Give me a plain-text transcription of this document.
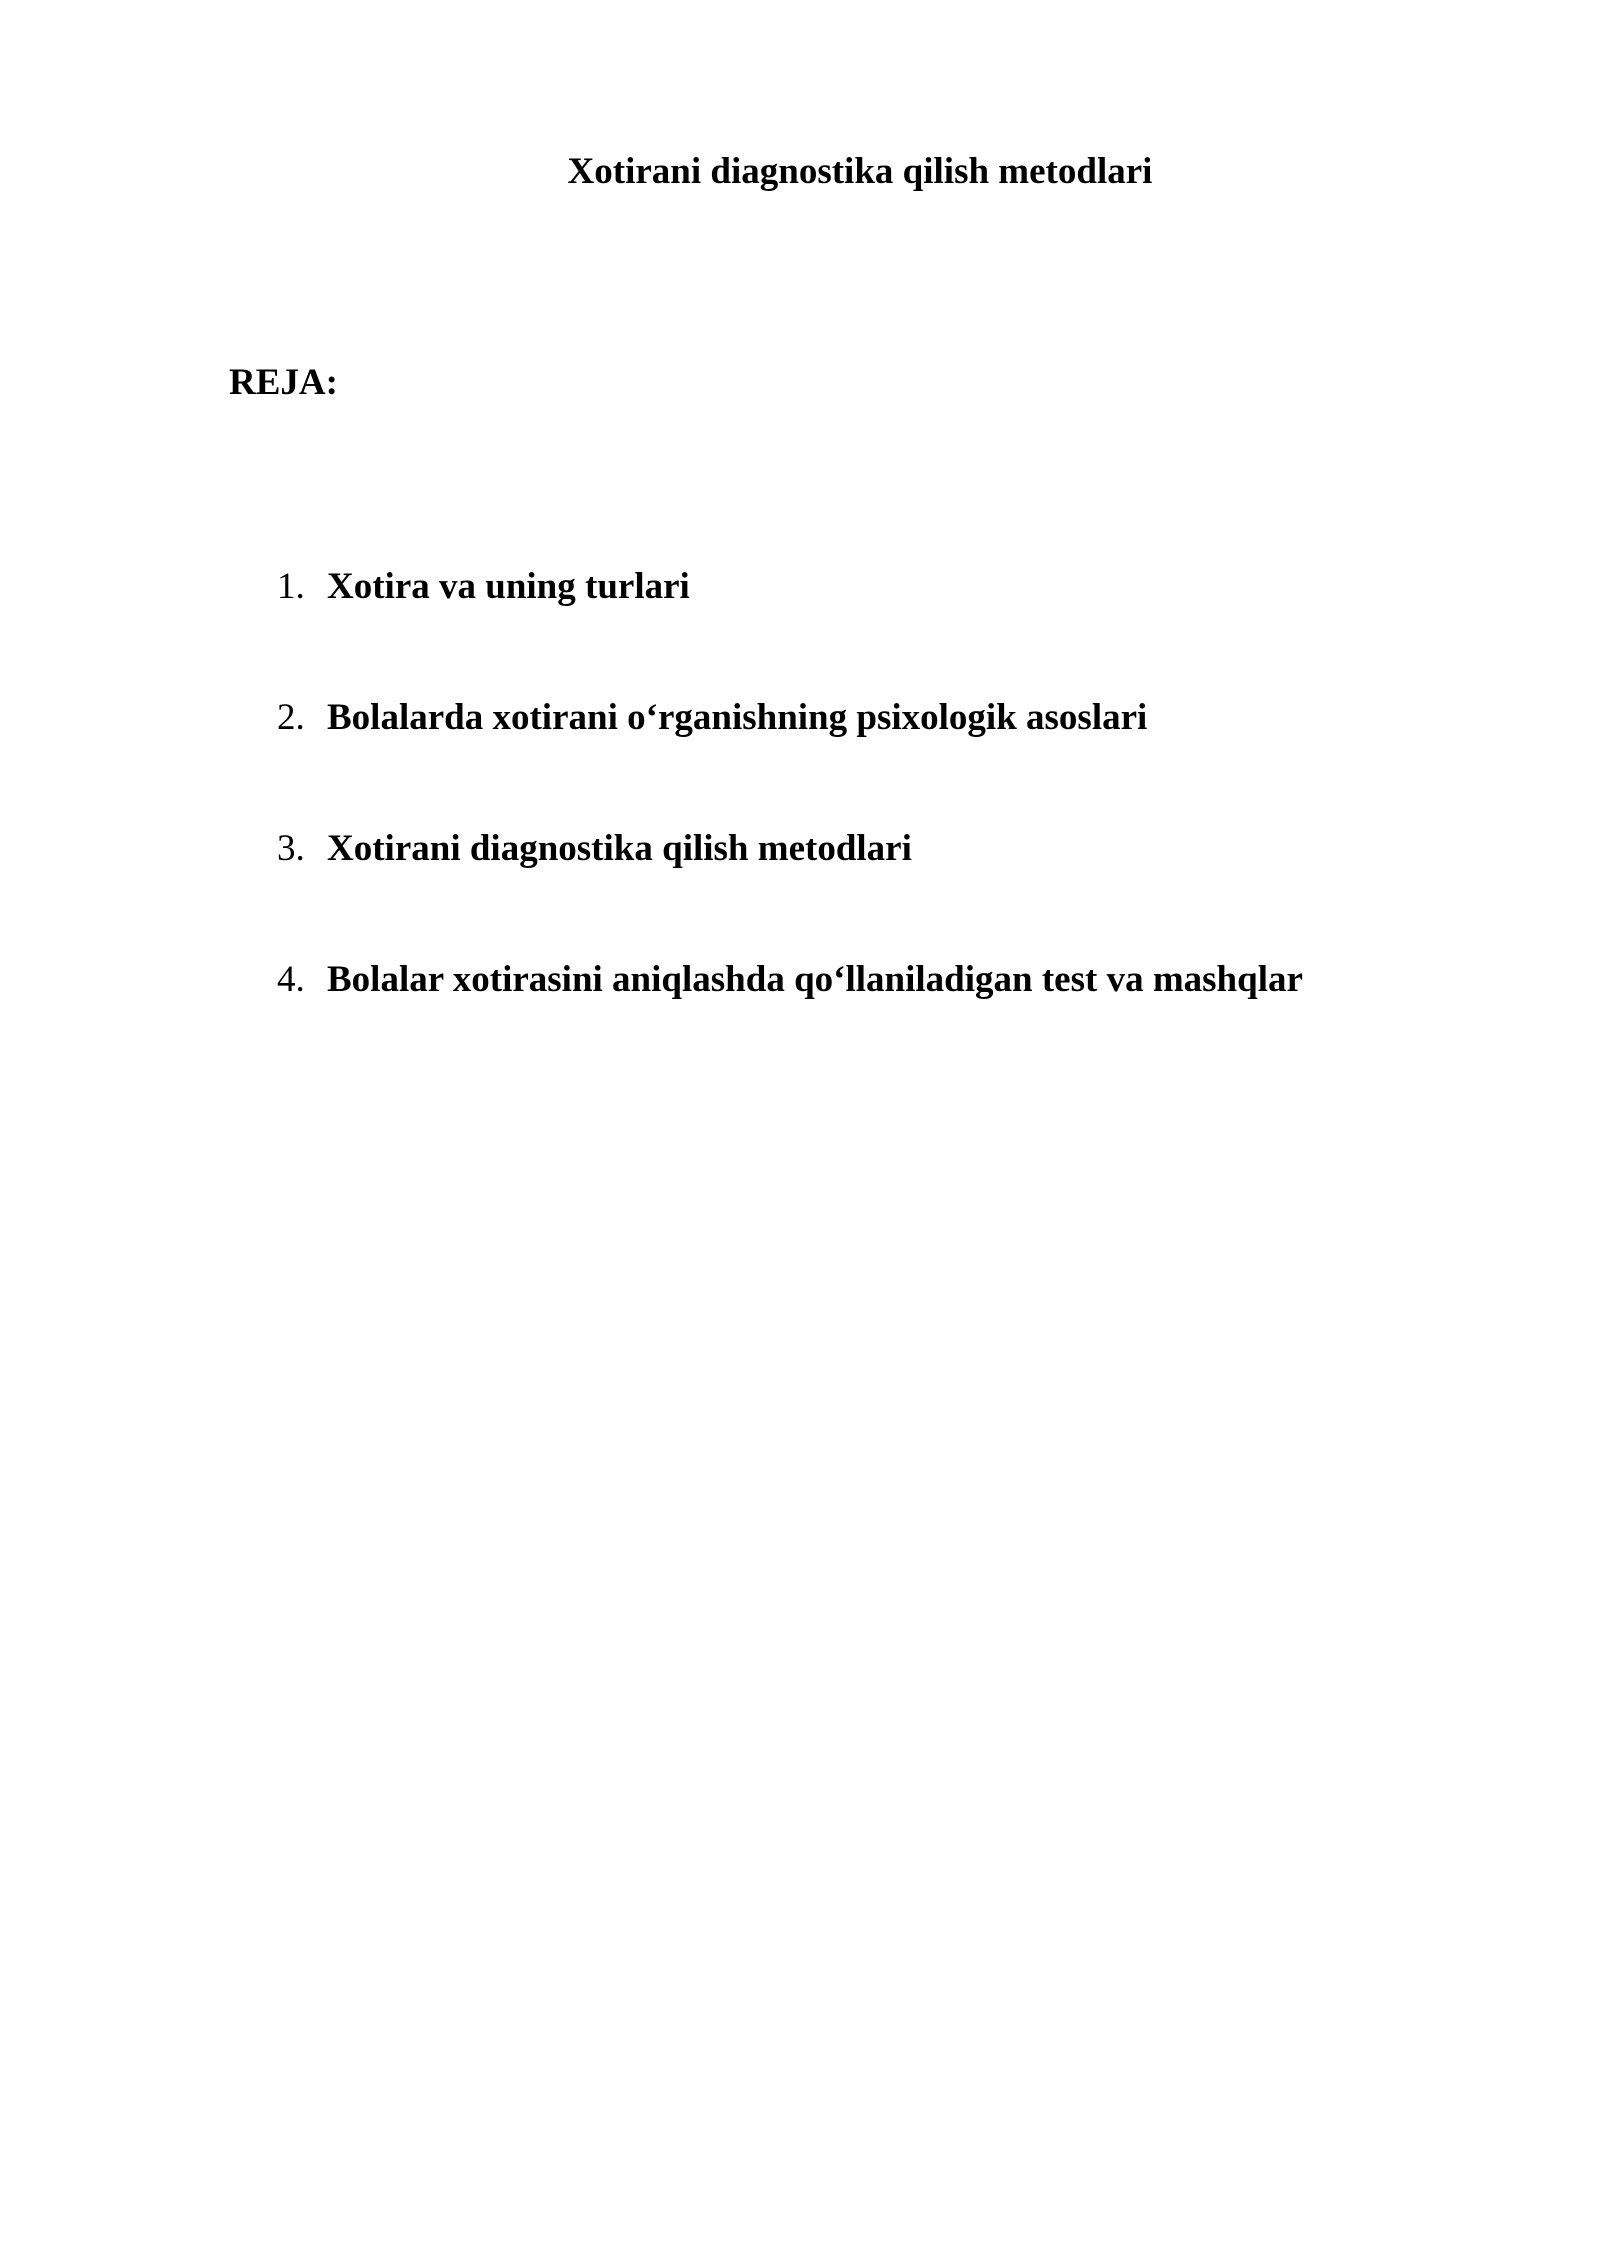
Xotirani diagnostika qilish metodlari
REJA:
1. Xotira va uning turlari
2. Bolalarda xotirani o‘rganishning psixologik asoslari
3. Xotirani diagnostika qilish metodlari
4. Bolalar xotirasini aniqlashda qo‘llaniladigan test va mashqlar
